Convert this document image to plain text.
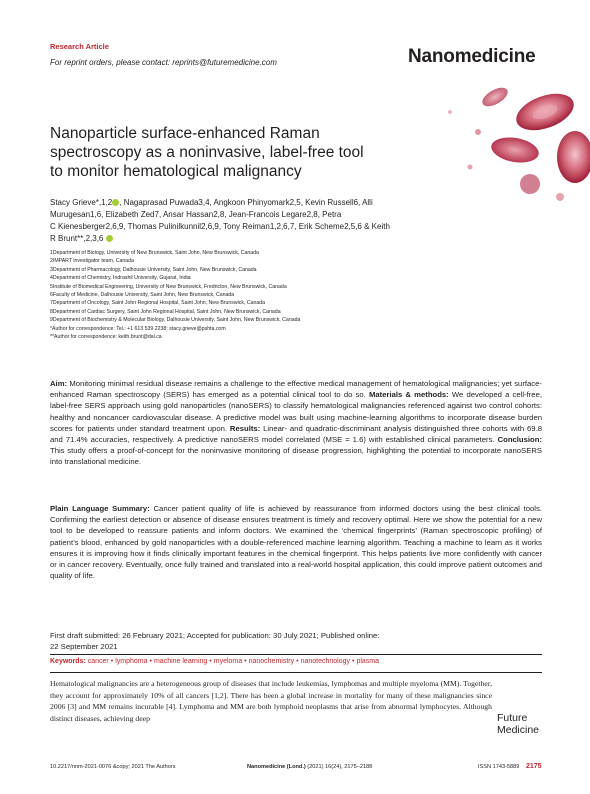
Research Article
For reprint orders, please contact: reprints@futuremedicine.com	Nanomedicine
Nanoparticle surface-enhanced Raman
spectroscopy as a noninvasive, label-free tool
to monitor hematological malignancy
Stacy Grieve*,1,2 , Nagaprasad Puwada3,4, Angkoon Phinyomark2,5, Kevin Russell6, Alli
Murugesan1,6, Elizabeth Zed7, Ansar Hassan2,8, Jean-Francois Legare2,8, Petra
C Kienesberger2,6,9, Thomas Pulinilkunnil2,6,9, Tony Reiman1,2,6,7, Erik Scheme2,5,6 & Keith
R Brunt**,2,3,6
1Department of Biology, University of New Brunswick, Saint John, New Brunswick, Canada
2IMPART investigator team, Canada
3Department of Pharmacology, Dalhousie University, Saint John, New Brunswick, Canada
4Department of Chemistry, Indrashil University, Gujarat, India
5Institute of Biomedical Engineering, University of New Brunswick, Fredricton, New Brunswick, Canada
6Faculty of Medicine, Dalhousie University, Saint John, New Brunswick, Canada
7Department of Oncology, Saint John Regional Hospital, Saint John, New Brunswick, Canada
8Department of Cardiac Surgery, Saint John Regional Hospital, Saint John, New Brunswick, Canada
9Department of Biochemistry & Molecular Biology, Dalhousie University, Saint John, New Brunswick, Canada
*Author for correspondence: Tel.: +1 613 539 2238; stacy.grieve@pshta.com
**Author for correspondence: keith.brunt@dal.ca
Aim: Monitoring minimal residual disease remains a challenge to the effective medical management of hematological malignancies; yet surface-enhanced Raman spectroscopy (SERS) has emerged as a potential clinical tool to do so. Materials & methods: We developed a cell-free, label-free SERS approach using gold nanoparticles (nanoSERS) to classify hematological malignancies referenced against two control cohorts: healthy and noncancer cardiovascular disease. A predictive model was built using machine-learning algorithms to incorporate disease burden scores for patients under standard treatment upon. Results: Linear- and quadratic-discriminant analysis distinguished three cohorts with 69.8 and 71.4% accuracies, respectively. A predictive nanoSERS model correlated (MSE = 1.6) with established clinical parameters. Conclusion: This study offers a proof-of-concept for the noninvasive monitoring of disease progression, highlighting the potential to incorporate nanoSERS into translational medicine.
Plain Language Summary: Cancer patient quality of life is achieved by reassurance from informed doctors using the best clinical tools. Confirming the earliest detection or absence of disease ensures treatment is timely and recovery optimal. Here we show the potential for a new tool to be developed to reassure patients and inform doctors. We examined the ‘chemical fingerprints’ (Raman spectroscopic profiling) of patient’s blood, enhanced by gold nanoparticles with a double-referenced machine learning algorithm. Teaching a machine to learn as it works ensures it is improving how it finds clinically important features in the chemical fingerprint. This helps patients live more confidently with cancer or in cancer recovery. Eventually, once fully trained and translated into a real-world hospital application, this could improve patient outcomes and quality of life.
First draft submitted: 26 February 2021; Accepted for publication: 30 July 2021; Published online:
22 September 2021
Keywords: cancer • lymphoma • machine learning • myeloma • nanochemistry • nanotechnology • plasma
Hematological malignancies are a heterogeneous group of diseases that include leukemias, lymphomas and multiple myeloma (MM). Together, they account for approximately 10% of all cancers [1,2]. There has been a global increase in mortality for many of these malignancies since 2006 [3] and MM remains incurable [4]. Lymphoma and MM are both lymphoid neoplasms that arise from abnormal lymphocytes. Although distinct diseases, achieving deep	Future
Medicine
10.2217/nnm-2021-0076 &copy; 2021 The Authors	Nanomedicine (Lond.) (2021) 16(24), 2175–2188	ISSN 1743-5889 2175
